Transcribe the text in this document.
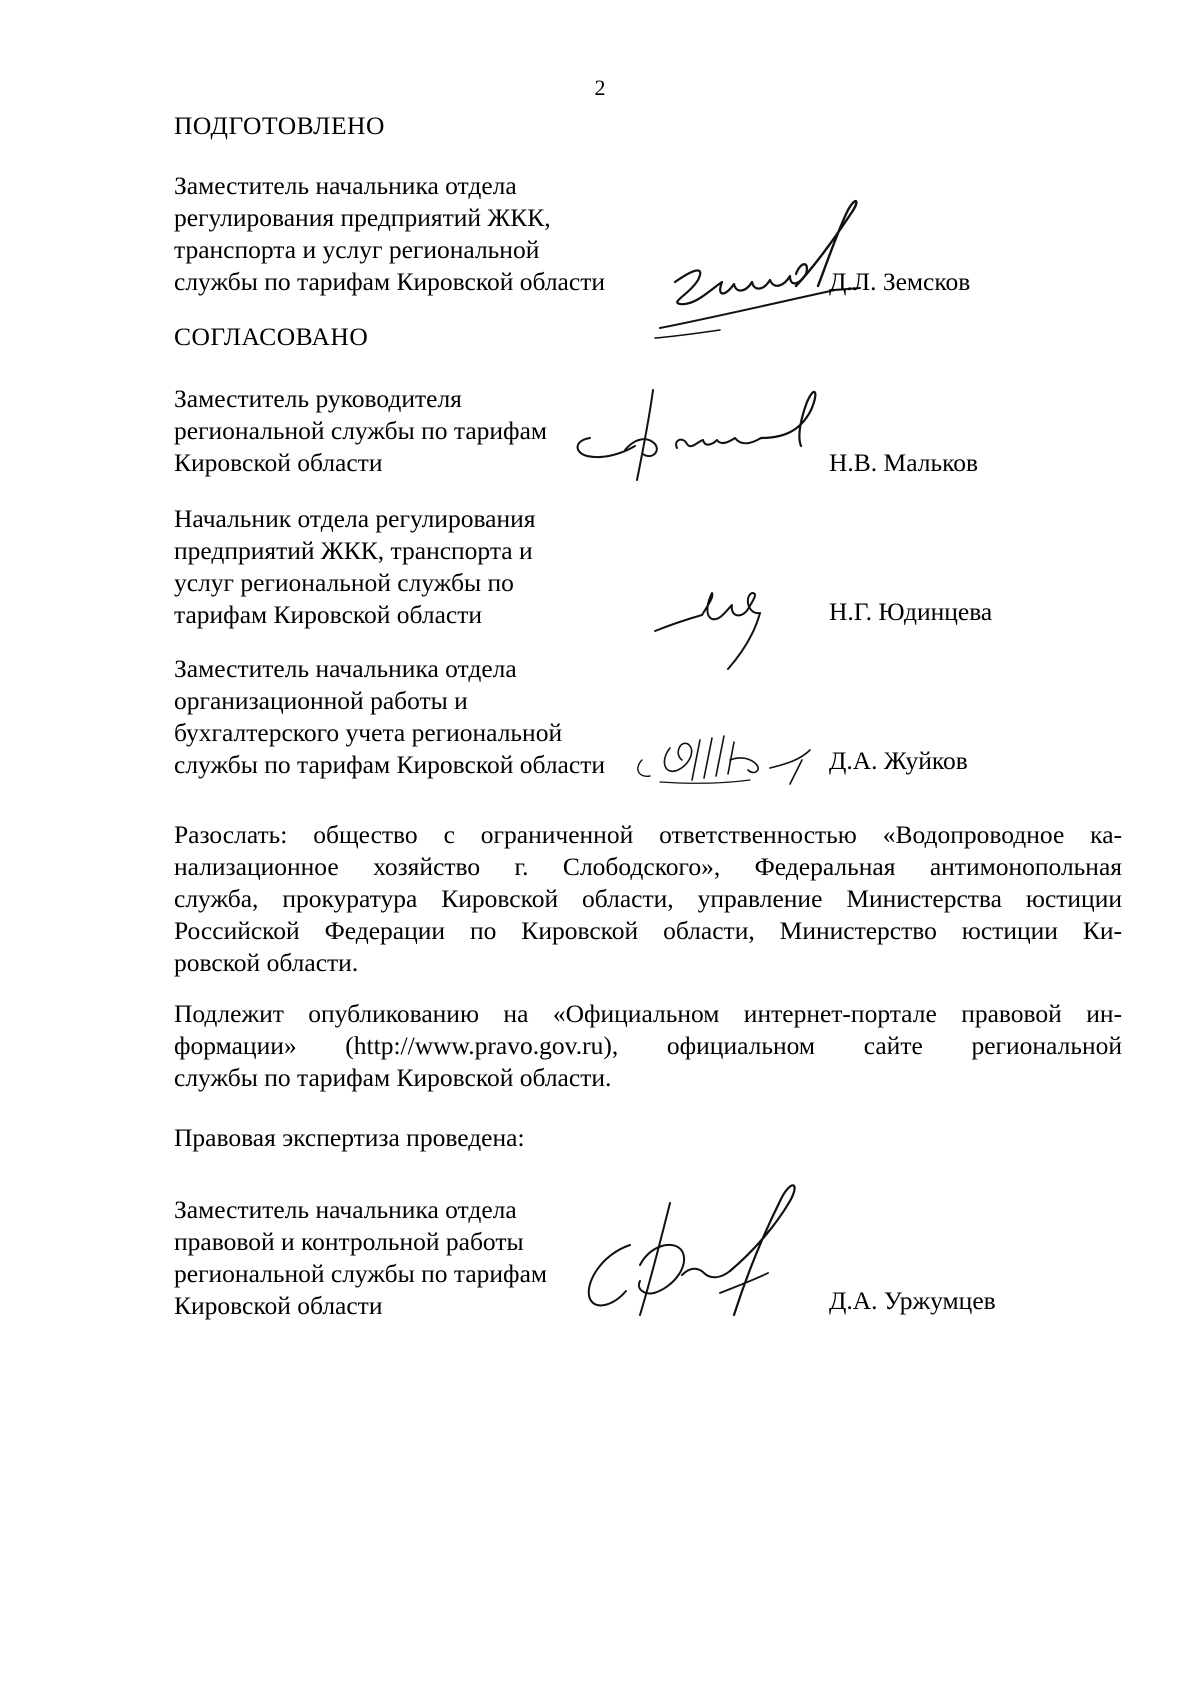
2
ПОДГОТОВЛЕНО
Заместитель начальника отдела
регулирования предприятий ЖКК,
транспорта и услуг региональной
службы по тарифам Кировской области	Д.Л. Земсков
СОГЛАСОВАНО
Заместитель руководителя
региональной службы по тарифам
Кировской области	Н.В. Мальков
Начальник отдела регулирования
предприятий ЖКК, транспорта и
услуг региональной службы по
тарифам Кировской области	Н.Г. Юдинцева
Заместитель начальника отдела
организационной работы и
бухгалтерского учета региональной
службы по тарифам Кировской области	Д.А. Жуйков
Разослать: общество с ограниченной ответственностью «Водопроводное ка-
нализационное хозяйство г. Слободского», Федеральная антимонопольная
служба, прокуратура Кировской области, управление Министерства юстиции
Российской Федерации по Кировской области, Министерство юстиции Ки-
ровской области.
Подлежит опубликованию на «Официальном интернет-портале правовой ин-
формации» (http://www.pravo.gov.ru), официальном сайте региональной
службы по тарифам Кировской области.
Правовая экспертиза проведена:
Заместитель начальника отдела
правовой и контрольной работы
региональной службы по тарифам
Кировской области	Д.А. Уржумцев
